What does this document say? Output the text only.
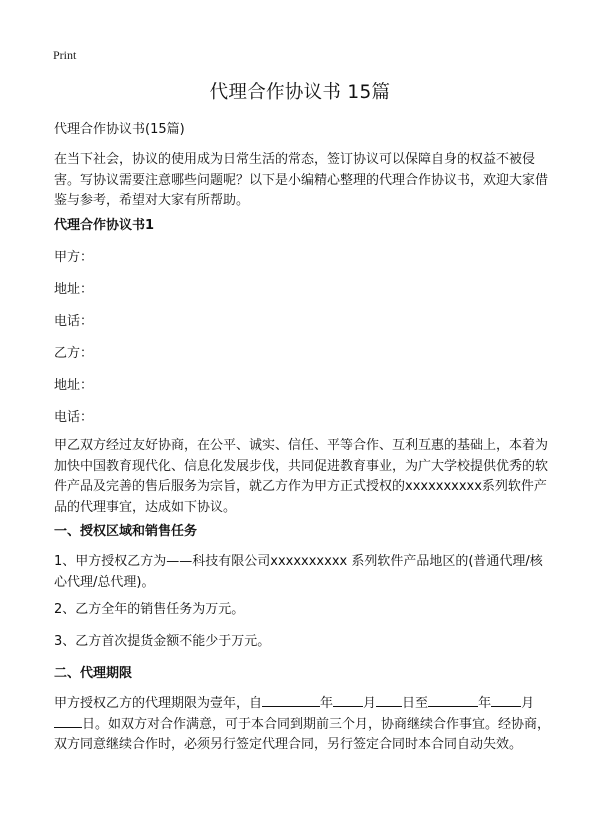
Print
代理合作协议书 15篇

代理合作协议书(15篇)

在当下社会，协议的使用成为日常生活的常态，签订协议可以保障自身的权益不被侵害。写协议需要注意哪些问题呢？以下是小编精心整理的代理合作协议书，欢迎大家借鉴与参考，希望对大家有所帮助。

代理合作协议书1

甲方：

地址：

电话：

乙方：

地址：

电话：

甲乙双方经过友好协商，在公平、诚实、信任、平等合作、互利互惠的基础上，本着为加快中国教育现代化、信息化发展步伐，共同促进教育事业，为广大学校提供优秀的软件产品及完善的售后服务为宗旨，就乙方作为甲方正式授权的xxxxxxxxxx系列软件产品的代理事宜，达成如下协议。

一、授权区域和销售任务

1、甲方授权乙方为——科技有限公司xxxxxxxxxx 系列软件产品地区的(普通代理/核心代理/总代理)。

2、乙方全年的销售任务为万元。

3、乙方首次提货金额不能少于万元。

二、代理期限

甲方授权乙方的代理期限为壹年，自	年 月 日至	年 月日。如双方对合作满意，可于本合同到期前三个月，协商继续合作事宜。经协商，双方同意继续合作时，必须另行签定代理合同，另行签定合同时本合同自动失效。
